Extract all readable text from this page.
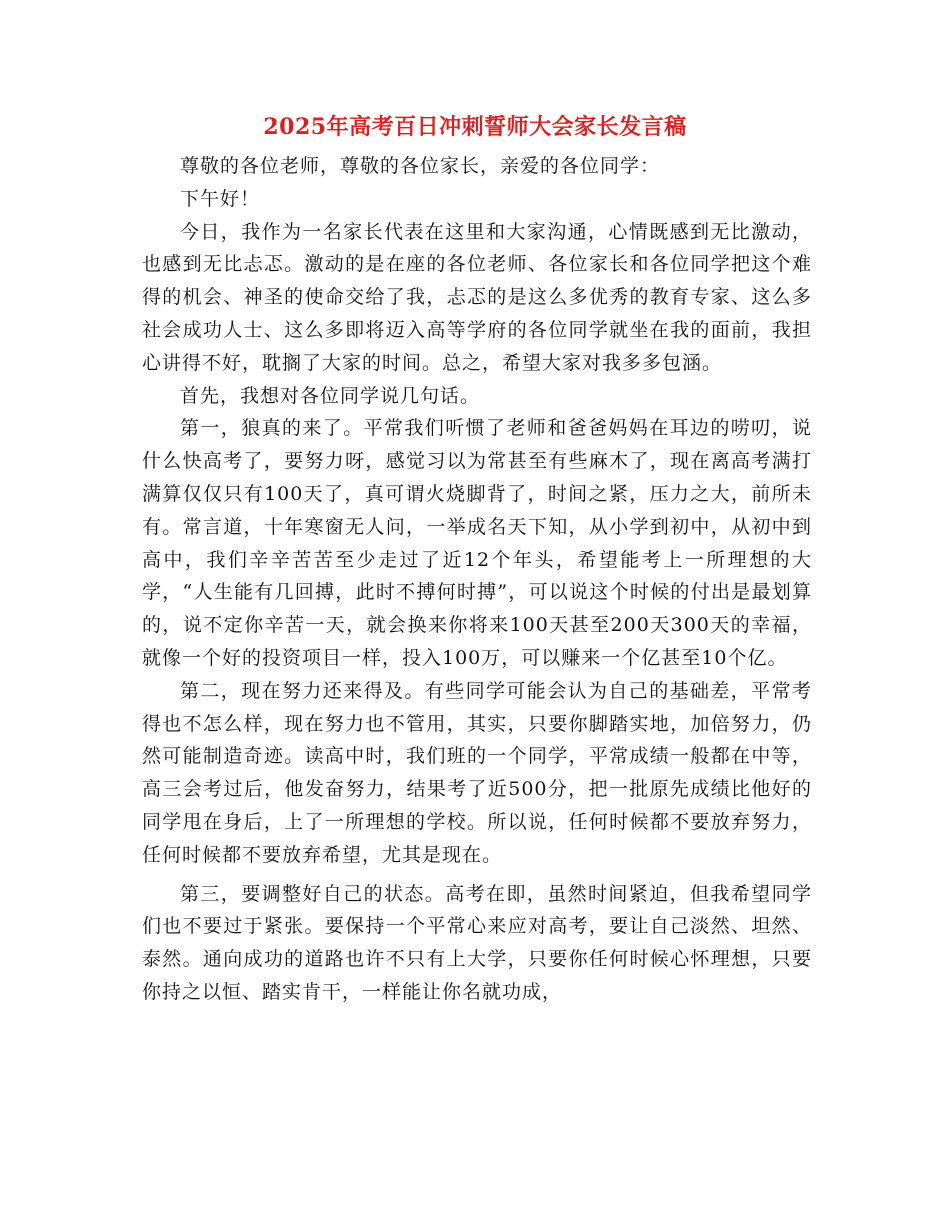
2025年高考百日冲刺誓师大会家长发言稿

尊敬的各位老师，尊敬的各位家长，亲爱的各位同学：

下午好！

今日，我作为一名家长代表在这里和大家沟通，心情既感到无比激动，也感到无比忐忑。激动的是在座的各位老师、各位家长和各位同学把这个难得的机会、神圣的使命交给了我，忐忑的是这么多优秀的教育专家、这么多社会成功人士、这么多即将迈入高等学府的各位同学就坐在我的面前，我担心讲得不好，耽搁了大家的时间。总之，希望大家对我多多包涵。

首先，我想对各位同学说几句话。

第一，狼真的来了。平常我们听惯了老师和爸爸妈妈在耳边的唠叨，说什么快高考了，要努力呀，感觉习以为常甚至有些麻木了，现在离高考满打满算仅仅只有100天了，真可谓火烧脚背了，时间之紧，压力之大，前所未有。常言道，十年寒窗无人问，一举成名天下知，从小学到初中，从初中到高中，我们辛辛苦苦至少走过了近12个年头，希望能考上一所理想的大学，“人生能有几回搏，此时不搏何时搏”，可以说这个时候的付出是最划算的，说不定你辛苦一天，就会换来你将来100天甚至200天300天的幸福，就像一个好的投资项目一样，投入100万，可以赚来一个亿甚至10个亿。

第二，现在努力还来得及。有些同学可能会认为自己的基础差，平常考得也不怎么样，现在努力也不管用，其实，只要你脚踏实地，加倍努力，仍然可能制造奇迹。读高中时，我们班的一个同学，平常成绩一般都在中等，高三会考过后，他发奋努力，结果考了近500分，把一批原先成绩比他好的同学甩在身后，上了一所理想的学校。所以说，任何时候都不要放弃努力，任何时候都不要放弃希望，尤其是现在。

第三，要调整好自己的状态。高考在即，虽然时间紧迫，但我希望同学们也不要过于紧张。要保持一个平常心来应对高考，要让自己淡然、坦然、泰然。通向成功的道路也许不只有上大学，只要你任何时候心怀理想，只要你持之以恒、踏实肯干，一样能让你名就功成，
